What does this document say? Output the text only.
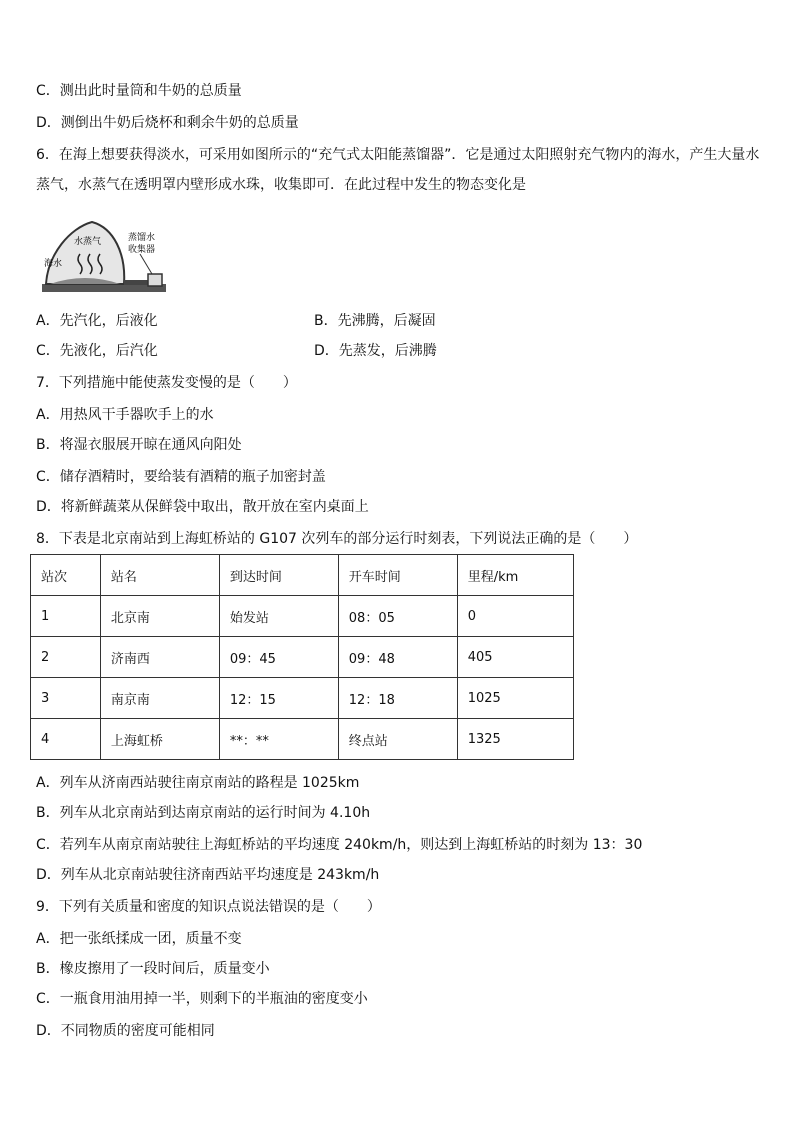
C．测出此时量筒和牛奶的总质量
D．测倒出牛奶后烧杯和剩余牛奶的总质量
6．在海上想要获得淡水，可采用如图所示的“充气式太阳能蒸馏器”．它是通过太阳照射充气物内的海水，产生大量水蒸气，水蒸气在透明罩内壁形成水珠，收集即可．在此过程中发生的物态变化是
水蒸气
海水
蒸馏水
收集器
A．先汽化，后液化	B．先沸腾，后凝固
C．先液化，后汽化	D．先蒸发，后沸腾
7．下列措施中能使蒸发变慢的是（　　）
A．用热风干手器吹手上的水
B．将湿衣服展开晾在通风向阳处
C．储存酒精时，要给装有酒精的瓶子加密封盖
D．将新鲜蔬菜从保鲜袋中取出，散开放在室内桌面上
8．下表是北京南站到上海虹桥站的 G107 次列车的部分运行时刻表，下列说法正确的是（　　）
站次	站名	到达时间	开车时间	里程/km
1	北京南	始发站	08：05	0
2	济南西	09：45	09：48	405
3	南京南	12：15	12：18	1025
4	上海虹桥	**：**	终点站	1325
A．列车从济南西站驶往南京南站的路程是 1025km
B．列车从北京南站到达南京南站的运行时间为 4.10h
C．若列车从南京南站驶往上海虹桥站的平均速度 240km/h，则达到上海虹桥站的时刻为 13：30
D．列车从北京南站驶往济南西站平均速度是 243km/h
9．下列有关质量和密度的知识点说法错误的是（　　）
A．把一张纸揉成一团，质量不变
B．橡皮擦用了一段时间后，质量变小
C．一瓶食用油用掉一半，则剩下的半瓶油的密度变小
D．不同物质的密度可能相同
